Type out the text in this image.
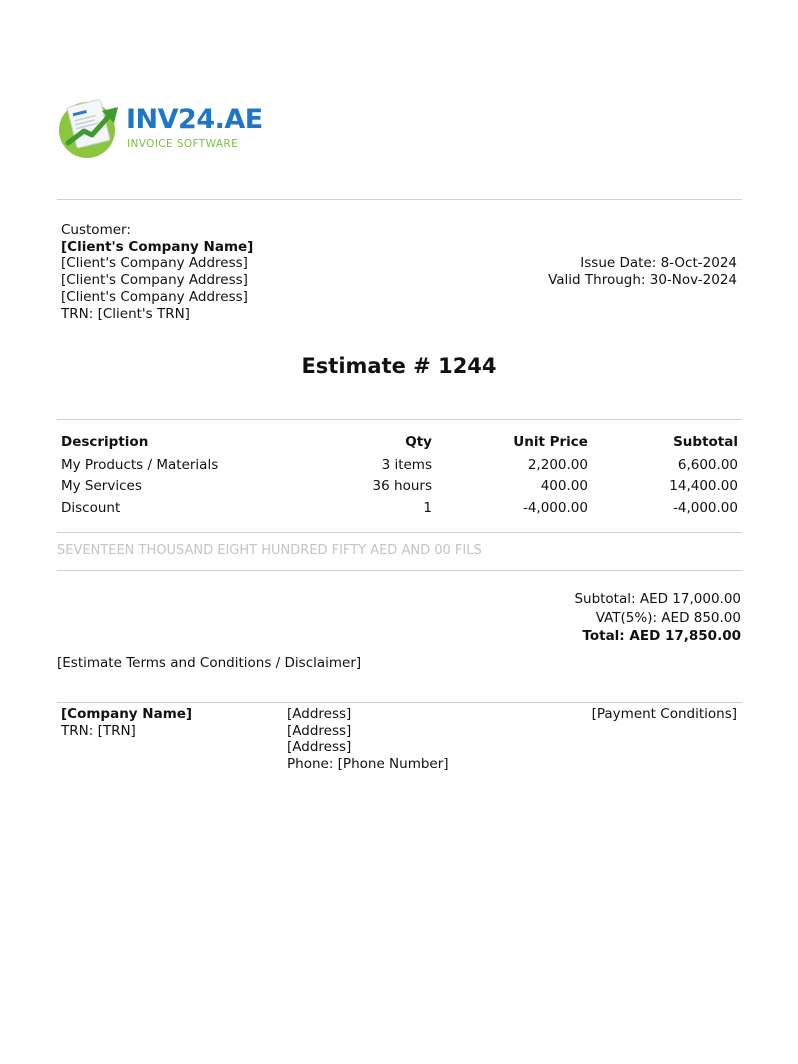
INV24.AE
INVOICE SOFTWARE
Customer:
[Client's Company Name]
[Client's Company Address]
[Client's Company Address]
[Client's Company Address]
TRN: [Client's TRN]
Issue Date: 8-Oct-2024
Valid Through: 30-Nov-2024
Estimate # 1244
Description	Qty	Unit Price	Subtotal
My Products / Materials	3 items	2,200.00	6,600.00
My Services	36 hours	400.00	14,400.00
Discount	1	-4,000.00	-4,000.00
SEVENTEEN THOUSAND EIGHT HUNDRED FIFTY AED AND 00 FILS
Subtotal: AED 17,000.00
VAT(5%): AED 850.00
Total: AED 17,850.00
[Estimate Terms and Conditions / Disclaimer]
[Company Name]
TRN: [TRN]
[Address]
[Address]
[Address]
Phone: [Phone Number]
[Payment Conditions]
